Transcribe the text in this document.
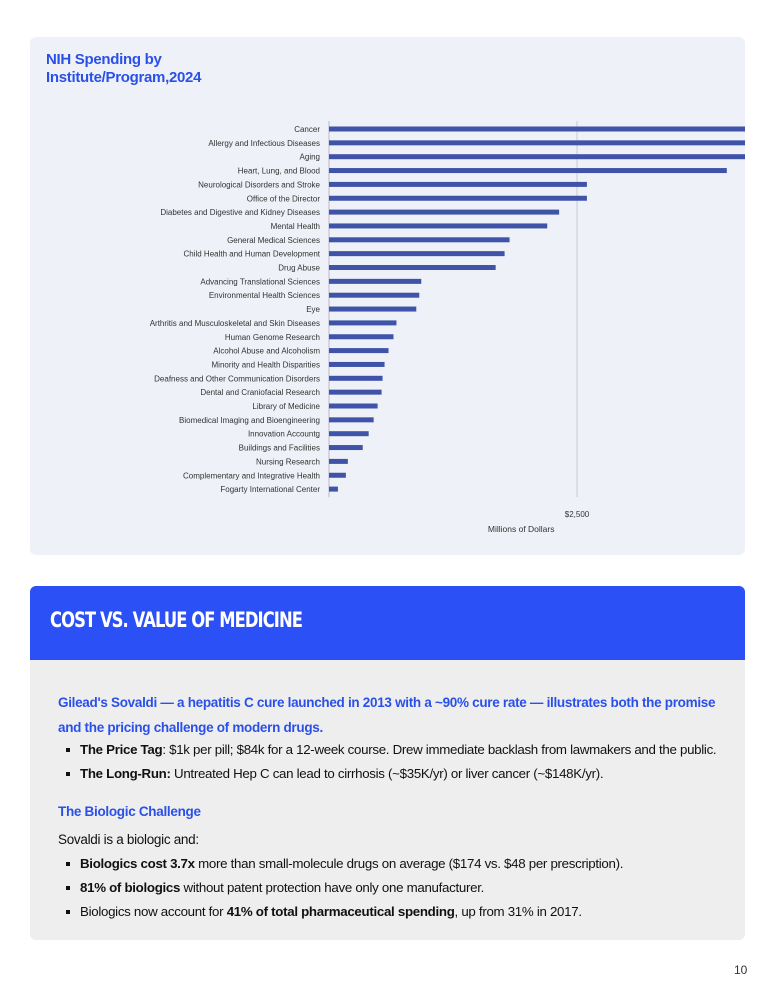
NIH Spending by
Institute/Program,2024
Cancer
Allergy and Infectious Diseases
Aging
Heart, Lung, and Blood
Neurological Disorders and Stroke
Office of the Director
Diabetes and Digestive and Kidney Diseases
Mental Health
General Medical Sciences
Child Health and Human Development
Drug Abuse
Advancing Translational Sciences
Environmental Health Sciences
Eye
Arthritis and Musculoskeletal and Skin Diseases
Human Genome Research
Alcohol Abuse and Alcoholism
Minority and Health Disparities
Deafness and Other Communication Disorders
Dental and Craniofacial Research
Library of Medicine
Biomedical Imaging and Bioengineering
Innovation Accountg
Buildings and Facilities
Nursing Research
Complementary and Integrative Health
Fogarty International Center
$2,500
Millions of Dollars
COST VS. VALUE OF MEDICINE

Gilead's Sovaldi — a hepatitis C cure launched in 2013 with a ~90% cure rate — illustrates both the promise and the pricing challenge of modern drugs.

The Price Tag: $1k per pill; $84k for a 12-week course. Drew immediate backlash from lawmakers and the public.
The Long-Run: Untreated Hep C can lead to cirrhosis (~$35K/yr) or liver cancer (~$148K/yr).
The Biologic Challenge

Sovaldi is a biologic and:

Biologics cost 3.7x more than small-molecule drugs on average ($174 vs. $48 per prescription).
81% of biologics without patent protection have only one manufacturer.
Biologics now account for 41% of total pharmaceutical spending, up from 31% in 2017.
10
